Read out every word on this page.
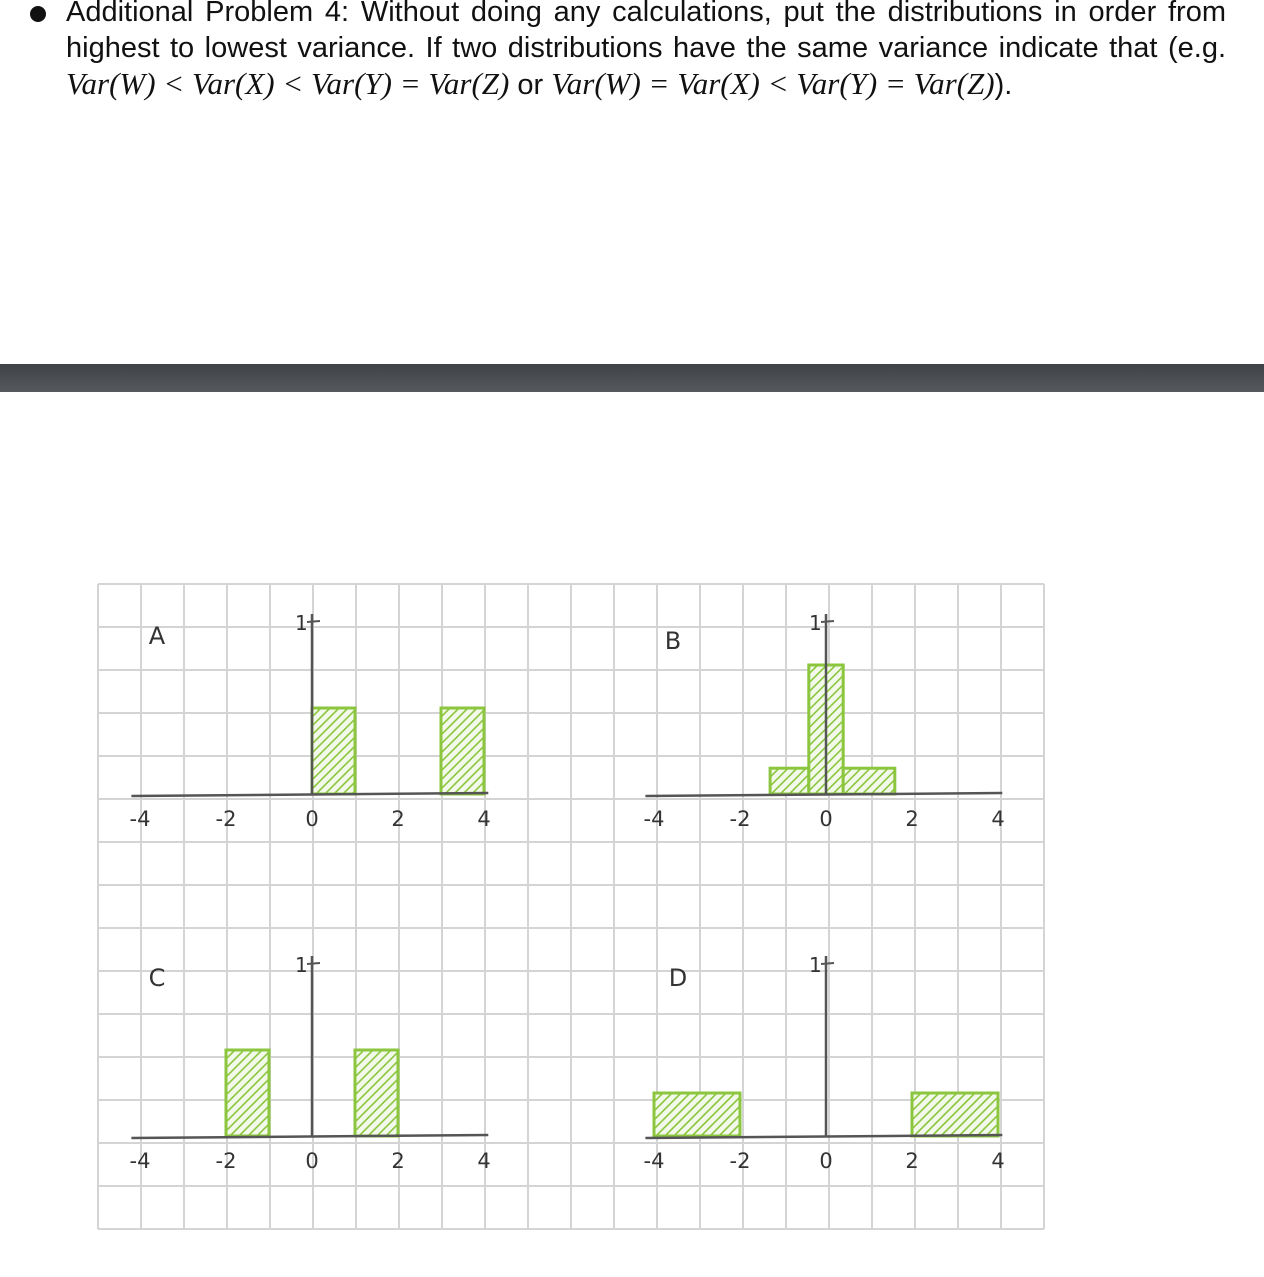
Additional Problem 4: Without doing any calculations, put the distributions in order from highest to lowest variance. If two distributions have the same variance indicate that (e.g. Var(W) < Var(X) < Var(Y) = Var(Z) or Var(W) = Var(X) < Var(Y) = Var(Z)).
1
-4	-2	0	2	4
A	1
-4	-2	0	2	4
B
1
-4	-2	0	2	4
C	1
-4	-2	0	2	4
D
